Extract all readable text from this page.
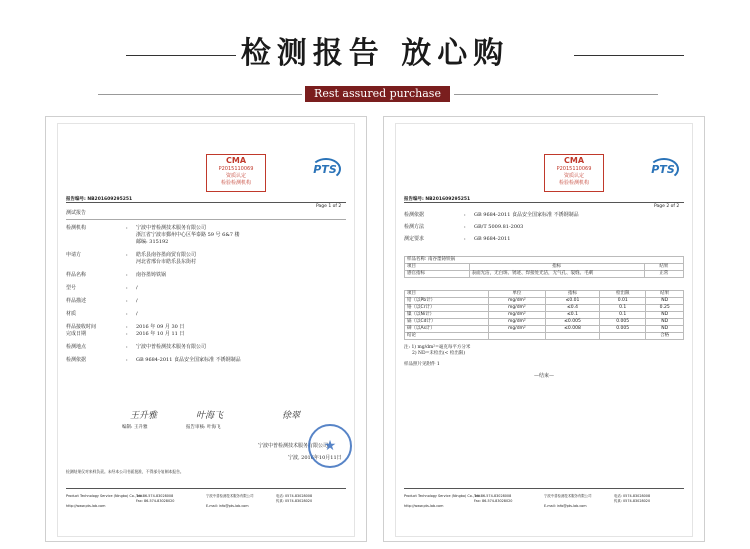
检测报告 放心购
Rest assured purchase
CMA
P2015110069
资质认定
检验检测机构
PTS
报告编号: NB201609295251
Page 1 of 2
测试报告
检测机构	: 宁波中普检测技术服务有限公司
浙江省宁波市鄞州中心区华泰路 59 号 6&7 楼
邮编: 315192
申请方	: 皓乐县南谷墨商贸有限公司
河北省邢台市皓乐县东街村
样品名称	: 南谷墨铸铁锅
型号	: /
样品描述	: /
材质	: /
样品接收时间	: 2016 年 09 月 30 日
完成日期	: 2016 年 10 月 11 日
检测地点	: 宁波中普检测技术服务有限公司
检测依据	: GB 9684-2011 食品安全国家标准 不锈钢制品
王升雅
编制: 王升雅
叶海飞
报告审核: 叶海飞
徐翠
宁波中普检测技术服务有限公司
宁波, 2016年10月11日
★
检测结果仅对来样负责。未经本公司书面批准，不得部分复制本报告。
Product Technology Service (Ningbo) Co., Ltd.
Tel: 86-574-83028008	宁波中普检测技术服务有限公司	电话: 0574-83028008
Fax: 86-574-83028020	传真: 0574-83028020
http://www.pts-lab.com	E-mail: info@pts-lab.com
CMA
P2015110069
资质认定
检验检测机构
PTS
报告编号: NB201609295251
Page 2 of 2
检测依据	: GB 9684-2011 食品安全国家标准 不锈钢制品
检测方法	: GB/T 5009.81-2003
测定要求	: GB 9684-2011
样品名称: 南谷墨铸铁锅		
项目	指标	结果
感官指标	表面光洁，无白斑、锈迹、焊接处光洁，无气孔、裂缝、毛刺	正常
项目	单位	指标	检出限	结果
铅（以Pb计）	mg/dm²	≤0.01	0.01	ND
铬（以Cr计）	mg/dm²	≤0.4	0.1	0.25
镍（以Ni计）	mg/dm²	≤0.1	0.1	ND
镉（以Cd计）	mg/dm²	≤0.005	0.005	ND
砷（以As计）	mg/dm²	≤0.008	0.005	ND
结论				合格
注: 1) mg/dm²=毫克每平方分米
2) ND=未检出(< 检出限)
样品照片见附件 1
—结束—
Product Technology Service (Ningbo) Co., Ltd.
Tel: 86-574-83028008	宁波中普检测技术服务有限公司	电话: 0574-83028008
Fax: 86-574-83028020	传真: 0574-83028020
http://www.pts-lab.com	E-mail: info@pts-lab.com
